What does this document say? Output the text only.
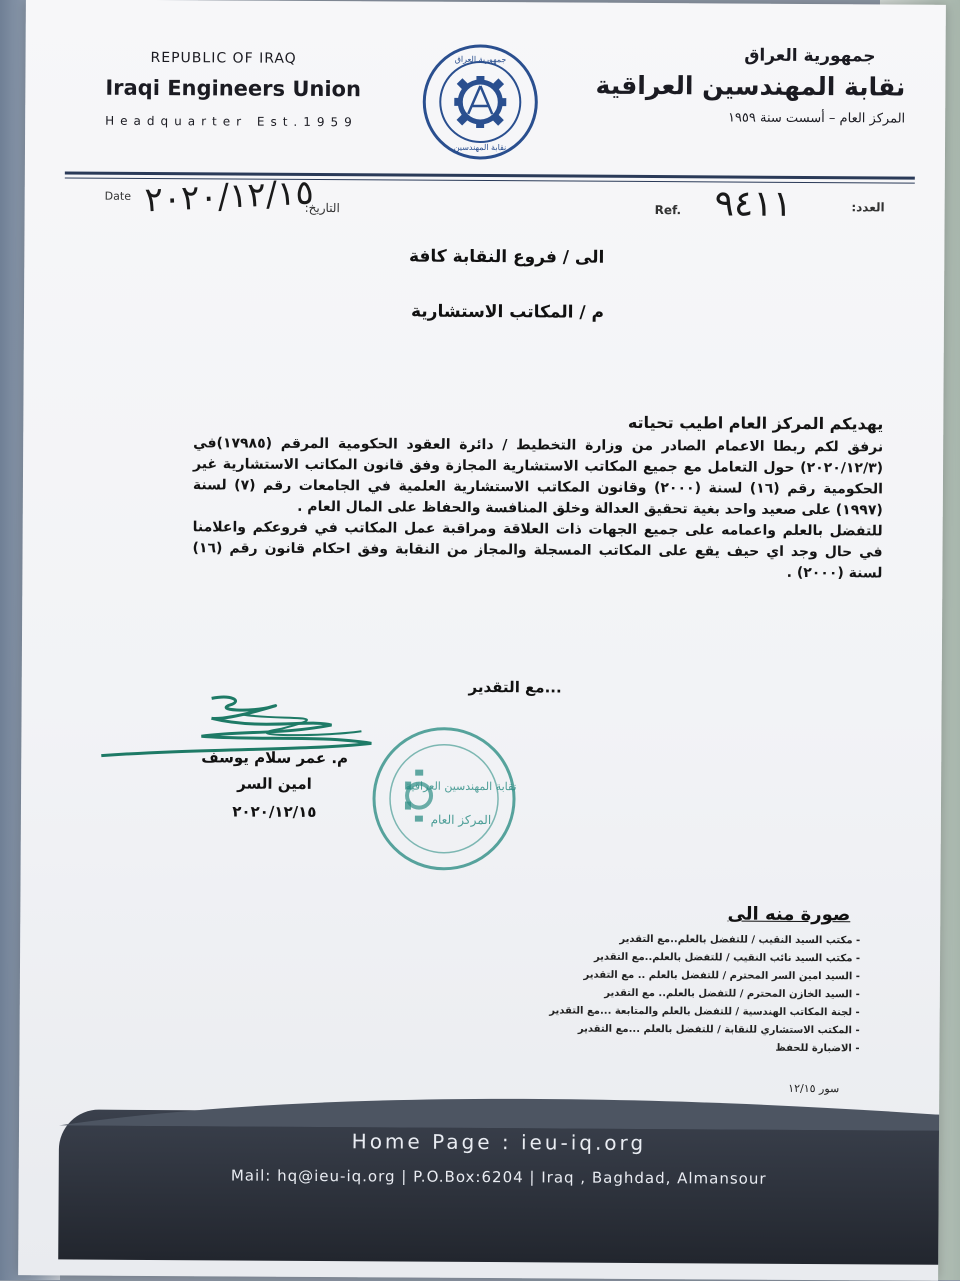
REPUBLIC OF IRAQ
Iraqi Engineers Union
Headquarter Est.1959
جمهورية العراق
نقابة المهندسين
جمهورية العراق
نقابة المهندسين العراقية
المركز العام – أسست سنة ١٩٥٩
Date ٢٠٢٠/١٢/١٥
التاريخ:	Ref. ٩٤١١	العدد:
الى / فروع النقابة كافة
م / المكاتب الاستشارية
يهديكم المركز العام اطيب تحياته

نرفق لكم ربطا الاعمام الصادر من وزارة التخطيط / دائرة العقود الحكومية المرقم (١٧٩٨٥)في (٢٠٢٠/١٢/٣) حول التعامل مع جميع المكاتب الاستشارية المجازة وفق قانون المكاتب الاستشارية غير الحكومية رقم (١٦) لسنة (٢٠٠٠) وقانون المكاتب الاستشارية العلمية في الجامعات رقم (٧) لسنة (١٩٩٧) على صعيد واحد بغية تحقيق العدالة وخلق المنافسة والحفاظ على المال العام .

للتفضل بالعلم واعمامه على جميع الجهات ذات العلاقة ومراقبة عمل المكاتب في فروعكم واعلامنا في حال وجد اي حيف يقع على المكاتب المسجلة والمجاز من النقابة وفق احكام قانون رقم (١٦) لسنة (٢٠٠٠) .

...مع التقدير
م. عمر سلام يوسف
امين السر
٢٠٢٠/١٢/١٥
نقابة المهندسين العراقية
المركز العام
صورة منه الى
- مكتب السيد النقيب / للتفضل بالعلم..مع التقدير
- مكتب السيد نائب النقيب / للتفضل بالعلم..مع التقدير
- السيد امين السر المحترم / للتفضل بالعلم .. مع التقدير
- السيد الخازن المحترم / للتفضل بالعلم.. مع التقدير
- لجنة المكاتب الهندسية / للتفضل بالعلم والمتابعة ...مع التقدير
- المكتب الاستشاري للنقابة / للتفضل بالعلم ...مع التقدير
- الاضبارة للحفظ
سور ١٢/١٥
Home Page : ieu-iq.org
Mail: hq@ieu-iq.org | P.O.Box:6204 | Iraq , Baghdad, Almansour
